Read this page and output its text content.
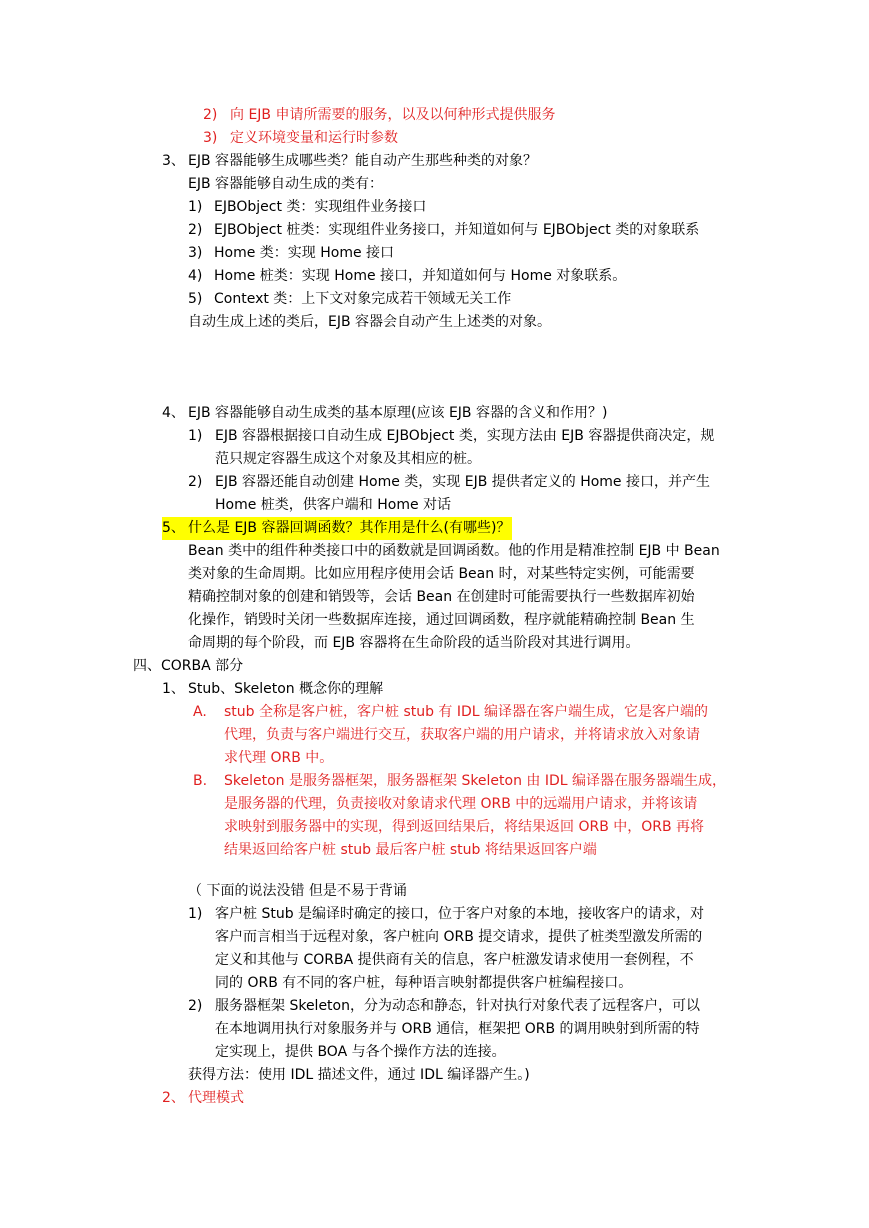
2) 向 EJB 申请所需要的服务，以及以何种形式提供服务
3) 定义环境变量和运行时参数
3、 EJB 容器能够生成哪些类？能自动产生那些种类的对象？
EJB 容器能够自动生成的类有：
1) EJBObject 类：实现组件业务接口
2) EJBObject 桩类：实现组件业务接口，并知道如何与 EJBObject 类的对象联系
3) Home 类：实现 Home 接口
4) Home 桩类：实现 Home 接口，并知道如何与 Home 对象联系。
5) Context 类：上下文对象完成若干领域无关工作
自动生成上述的类后，EJB 容器会自动产生上述类的对象。
4、 EJB 容器能够自动生成类的基本原理(应该 EJB 容器的含义和作用？)
1) EJB 容器根据接口自动生成 EJBObject 类，实现方法由 EJB 容器提供商决定，规
范只规定容器生成这个对象及其相应的桩。
2) EJB 容器还能自动创建 Home 类，实现 EJB 提供者定义的 Home 接口，并产生
Home 桩类，供客户端和 Home 对话
5、 什么是 EJB 容器回调函数？其作用是什么(有哪些)？
Bean 类中的组件种类接口中的函数就是回调函数。他的作用是精准控制 EJB 中 Bean
类对象的生命周期。比如应用程序使用会话 Bean 时，对某些特定实例，可能需要
精确控制对象的创建和销毁等，会话 Bean 在创建时可能需要执行一些数据库初始
化操作，销毁时关闭一些数据库连接，通过回调函数，程序就能精确控制 Bean 生
命周期的每个阶段，而 EJB 容器将在生命阶段的适当阶段对其进行调用。
四、CORBA 部分
1、 Stub、Skeleton 概念你的理解
A. stub 全称是客户桩，客户桩 stub 有 IDL 编译器在客户端生成，它是客户端的
代理，负责与客户端进行交互，获取客户端的用户请求，并将请求放入对象请
求代理 ORB 中。
B. Skeleton 是服务器框架，服务器框架 Skeleton 由 IDL 编译器在服务器端生成，
是服务器的代理，负责接收对象请求代理 ORB 中的远端用户请求，并将该请
求映射到服务器中的实现，得到返回结果后，将结果返回 ORB 中，ORB 再将
结果返回给客户桩 stub 最后客户桩 stub 将结果返回客户端
（ 下面的说法没错 但是不易于背诵
1) 客户桩 Stub 是编译时确定的接口，位于客户对象的本地，接收客户的请求，对
客户而言相当于远程对象，客户桩向 ORB 提交请求，提供了桩类型激发所需的
定义和其他与 CORBA 提供商有关的信息，客户桩激发请求使用一套例程，不
同的 ORB 有不同的客户桩，每种语言映射都提供客户桩编程接口。
2) 服务器框架 Skeleton，分为动态和静态，针对执行对象代表了远程客户，可以
在本地调用执行对象服务并与 ORB 通信，框架把 ORB 的调用映射到所需的特
定实现上，提供 BOA 与各个操作方法的连接。
获得方法：使用 IDL 描述文件，通过 IDL 编译器产生。)
2、 代理模式
